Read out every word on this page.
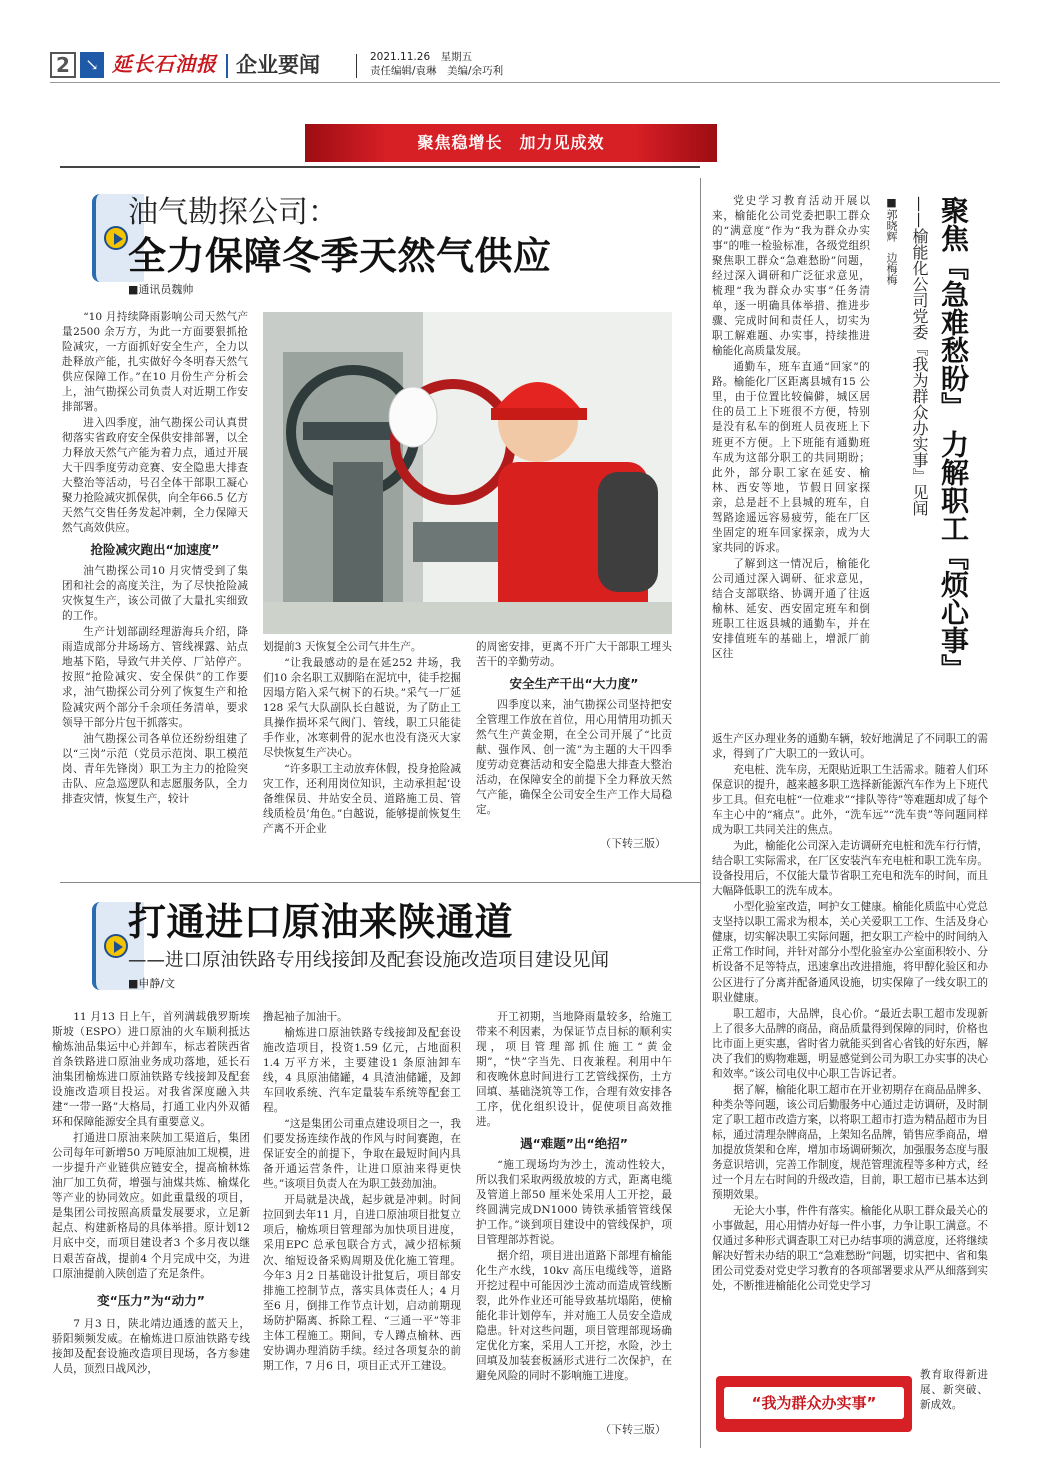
2 ↘ 延长石油报 企业要闻	2021.11.26　 星期五
责任编辑/袁琳　 美编/余巧利
聚焦稳增长　加力见成效
油气勘探公司：
全力保障冬季天然气供应
■通讯员魏帅

“10 月持续降雨影响公司天然气产量2500 余万方，为此一方面要狠抓抢险减灾，一方面抓好安全生产，全力以赴释放产能，扎实做好今冬明春天然气供应保障工作。”在10 月份生产分析会上，油气勘探公司负责人对近期工作安排部署。

进入四季度，油气勘探公司认真贯彻落实省政府安全保供安排部署，以全力释放天然气产能为着力点，通过开展大干四季度劳动竞赛、安全隐患大排查大整治等活动，号召全体干部职工凝心聚力抢险减灾抓保供，向全年66.5 亿方天然气交售任务发起冲刺，全力保障天然气高效供应。

抢险减灾跑出“加速度”

油气勘探公司10 月灾情受到了集团和社会的高度关注，为了尽快抢险减灾恢复生产，该公司做了大量扎实细致的工作。

生产计划部副经理游海兵介绍，降雨造成部分井场场方、管线裸露、站点地基下陷，导致气井关停、厂站停产。按照“抢险减灾、安全保供”的工作要求，油气勘探公司分列了恢复生产和抢险减灾两个部分千余项任务清单，要求领导干部分片包干抓落实。

油气勘探公司各单位还纷纷组建了以“三岗”示范（党员示范岗、职工模范岗、青年先锋岗）职工为主力的抢险突击队、应急巡逻队和志愿服务队，全力排查灾情，恢复生产，较计

划提前3 天恢复全公司气井生产。

“让我最感动的是在延252 井场，我们10 余名职工双脚陷在泥坑中，徒手挖掘因塌方陷入采气树下的石块。”采气一厂延128 采气大队副队长白越说，为了防止工具操作损坏采气阀门、管线，职工只能徒手作业，冰寒刺骨的泥水也没有浇灭大家尽快恢复生产决心。

“许多职工主动放弃休假，投身抢险减灾工作，还利用岗位知识，主动承担起‘设备维保员、井站安全员、道路施工员、管线质检员’角色。”白越说，能够提前恢复生产离不开企业

的周密安排，更离不开广大干部职工埋头苦干的辛勤劳动。

安全生产干出“大力度”

四季度以来，油气勘探公司坚持把安全管理工作放在首位，用心用情用功抓天然气生产黄金期，在全公司开展了“比贡献、强作风、创一流”为主题的大干四季度劳动竞赛活动和安全隐患大排查大整治活动，在保障安全的前提下全力释放天然气产能，确保全公司安全生产工作大局稳定。

（下转三版）
打通进口原油来陕通道
——进口原油铁路专用线接卸及配套设施改造项目建设见闻
■申静/文

11 月13 日上午，首列满载俄罗斯埃斯坡（ESPO）进口原油的火车顺利抵达榆炼油品集运中心并卸车，标志着陕西省首条铁路进口原油业务成功落地，延长石油集团榆炼进口原油铁路专线接卸及配套设施改造项目投运。对我省深度融入共建“一带一路”大格局，打通工业内外双循环和保障能源安全具有重要意义。

打通进口原油来陕加工渠道后，集团公司每年可新增50 万吨原油加工规模，进一步提升产业链供应链安全，提高榆林炼油厂加工负荷，增强与油煤共炼、榆煤化等产业的协同效应。如此重量级的项目，是集团公司按照高质量发展要求，立足新起点、构建新格局的具体举措。原计划12 月底中交，而项目建设者3 个多月夜以继日艰苦奋战，提前4 个月完成中交，为进口原油提前入陕创造了充足条件。

变“压力”为“动力”

7 月3 日，陕北靖边通透的蓝天上，骄阳频频发威。在榆炼进口原油铁路专线接卸及配套设施改造项目现场，各方参建人员，顶烈日战风沙，

撸起袖子加油干。

榆炼进口原油铁路专线接卸及配套设施改造项目，投资1.59 亿元，占地面积1.4 万平方米，主要建设1 条原油卸车线，4 具原油储罐，4 具渣油储罐，及卸车回收系统、汽车定量装车系统等配套工程。

“这是集团公司重点建设项目之一，我们要发扬连续作战的作风与时间赛跑，在保证安全的前提下，争取在最短时间内具备开通运营条件，让进口原油来得更快些。”该项目负责人在为职工鼓劲加油。

开局就是决战，起步就是冲刺。时间拉回到去年11 月，自进口原油项目批复立项后，榆炼项目管理部为加快项目进度，采用EPC 总承包联合方式，减少招标频次、缩短设备采购周期及优化施工管理。今年3 月2 日基础设计批复后，项目部安排施工控制节点，落实具体责任人；4 月至6 月，倒排工作节点计划，启动前期现场防护隔离、拆除工程、“三通一平”等非主体工程施工。期间，专人蹲点榆林、西安协调办理消防手续。经过各项复杂的前期工作，7 月6 日，项目正式开工建设。

开工初期，当地降雨量较多，给施工带来不利因素，为保证节点目标的顺利实现，项目管理部抓住施工“黄金期”，“快”字当先、日夜兼程。利用中午和夜晚休息时间进行工艺管线探伤，土方回填、基础浇筑等工作，合理有效安排各工序，优化组织设计，促使项目高效推进。

遇“难题”出“绝招”

“施工现场均为沙土，流动性较大，所以我们采取两级放坡的方式，距离电缆及管道上部50 厘米处采用人工开挖，最终圆满完成DN1000 铸铁承插管管线保护工作。”谈到项目建设中的管线保护，项目管理部苏哲说。

据介绍，项目进出道路下部埋有榆能化生产水线，10kv 高压电缆线等，道路开挖过程中可能因沙土流动而造成管线断裂，此外作业还可能导致基坑塌陷，使榆能化非计划停车，并对施工人员安全造成隐患。针对这些问题，项目管理部现场确定优化方案，采用人工开挖，水险，沙土回填及加装套板涵形式进行二次保护，在避免风险的同时不影响施工进度。

（下转三版）
聚焦『急难愁盼』 力解职工『烦心事』
——榆能化公司党委『我为群众办实事』见闻
■郭晓辉
边梅梅

党史学习教育活动开展以来，榆能化公司党委把职工群众的“满意度”作为“我为群众办实事”的唯一检验标准，各级党组织聚焦职工群众“急难愁盼”问题，经过深入调研和广泛征求意见，梳理“我为群众办实事”任务清单，逐一明确具体举措、推进步骤、完成时间和责任人，切实为职工解难题、办实事，持续推进榆能化高质量发展。

通勤车，班车直通“回家”的路。榆能化厂区距离县城有15 公里，由于位置比较偏僻，城区居住的员工上下班很不方便，特别是没有私车的倒班人员夜班上下班更不方便。上下班能有通勤班车成为这部分职工的共同期盼；此外，部分职工家在延安、榆林、西安等地，节假日回家探亲，总是赶不上县城的班车，自驾路途遥远容易疲劳，能在厂区坐固定的班车回家探亲，成为大家共同的诉求。

了解到这一情况后，榆能化公司通过深入调研、征求意见，结合支部联络、协调开通了往返榆林、延安、西安固定班车和倒班职工往返县城的通勤车，并在安排值班车的基础上，增派厂前区往

返生产区办理业务的通勤车辆，较好地满足了不同职工的需求，得到了广大职工的一致认可。

充电桩、洗车房，无限贴近职工生活需求。随着人们环保意识的提升，越来越多职工选择新能源汽车作为上下班代步工具。但充电桩“一位难求”“排队等待”等难题却成了每个车主心中的“痛点”。此外，“洗车远”“洗车贵”等问题同样成为职工共同关注的焦点。

为此，榆能化公司深入走访调研充电桩和洗车行行情，结合职工实际需求，在厂区安装汽车充电桩和职工洗车房。设备投用后，不仅能大量节省职工充电和洗车的时间，而且大幅降低职工的洗车成本。

小型化验室改造，呵护女工健康。榆能化质监中心党总支坚持以职工需求为根本，关心关爱职工工作、生活及身心健康，切实解决职工实际问题，把女职工产检中的时间纳入正常工作时间，并针对部分小型化验室办公室面积较小、分析设备不足等特点，迅速拿出改进措施，将甲醇化验区和办公区进行了分离并配备通风设施，切实保障了一线女职工的职业健康。

职工超市，大品牌，良心价。“最近去职工超市发现新上了很多大品牌的商品，商品质量得到保障的同时，价格也比市面上更实惠，省时省力就能买到省心省钱的好东西，解决了我们的购物难题，明显感觉到公司为职工办实事的决心和效率。”该公司电仪中心职工告诉记者。

据了解，榆能化职工超市在开业初期存在商品品牌多、种类杂等问题，该公司后勤服务中心通过走访调研，及时制定了职工超市改造方案，以将职工超市打造为精品超市为目标，通过清理杂牌商品，上架知名品牌，销售应季商品，增加提放货架和仓库，增加市场调研频次，加强服务态度与服务意识培训，完善工作制度，规范管理流程等多种方式，经过一个月左右时间的升级改造，目前，职工超市已基本达到预期效果。

无论大小事，件件有落实。榆能化从职工群众最关心的小事做起，用心用情办好每一件小事，力争让职工满意。不仅通过多种形式调查职工对已办结事项的满意度，还将继续解决好暂未办结的职工“急难愁盼”问题，切实把中、省和集团公司党委对党史学习教育的各项部署要求从严从细落到实处，不断推进榆能化公司党史学习

教育取得新进展、新突破、新成效。

“我为群众办实事”
